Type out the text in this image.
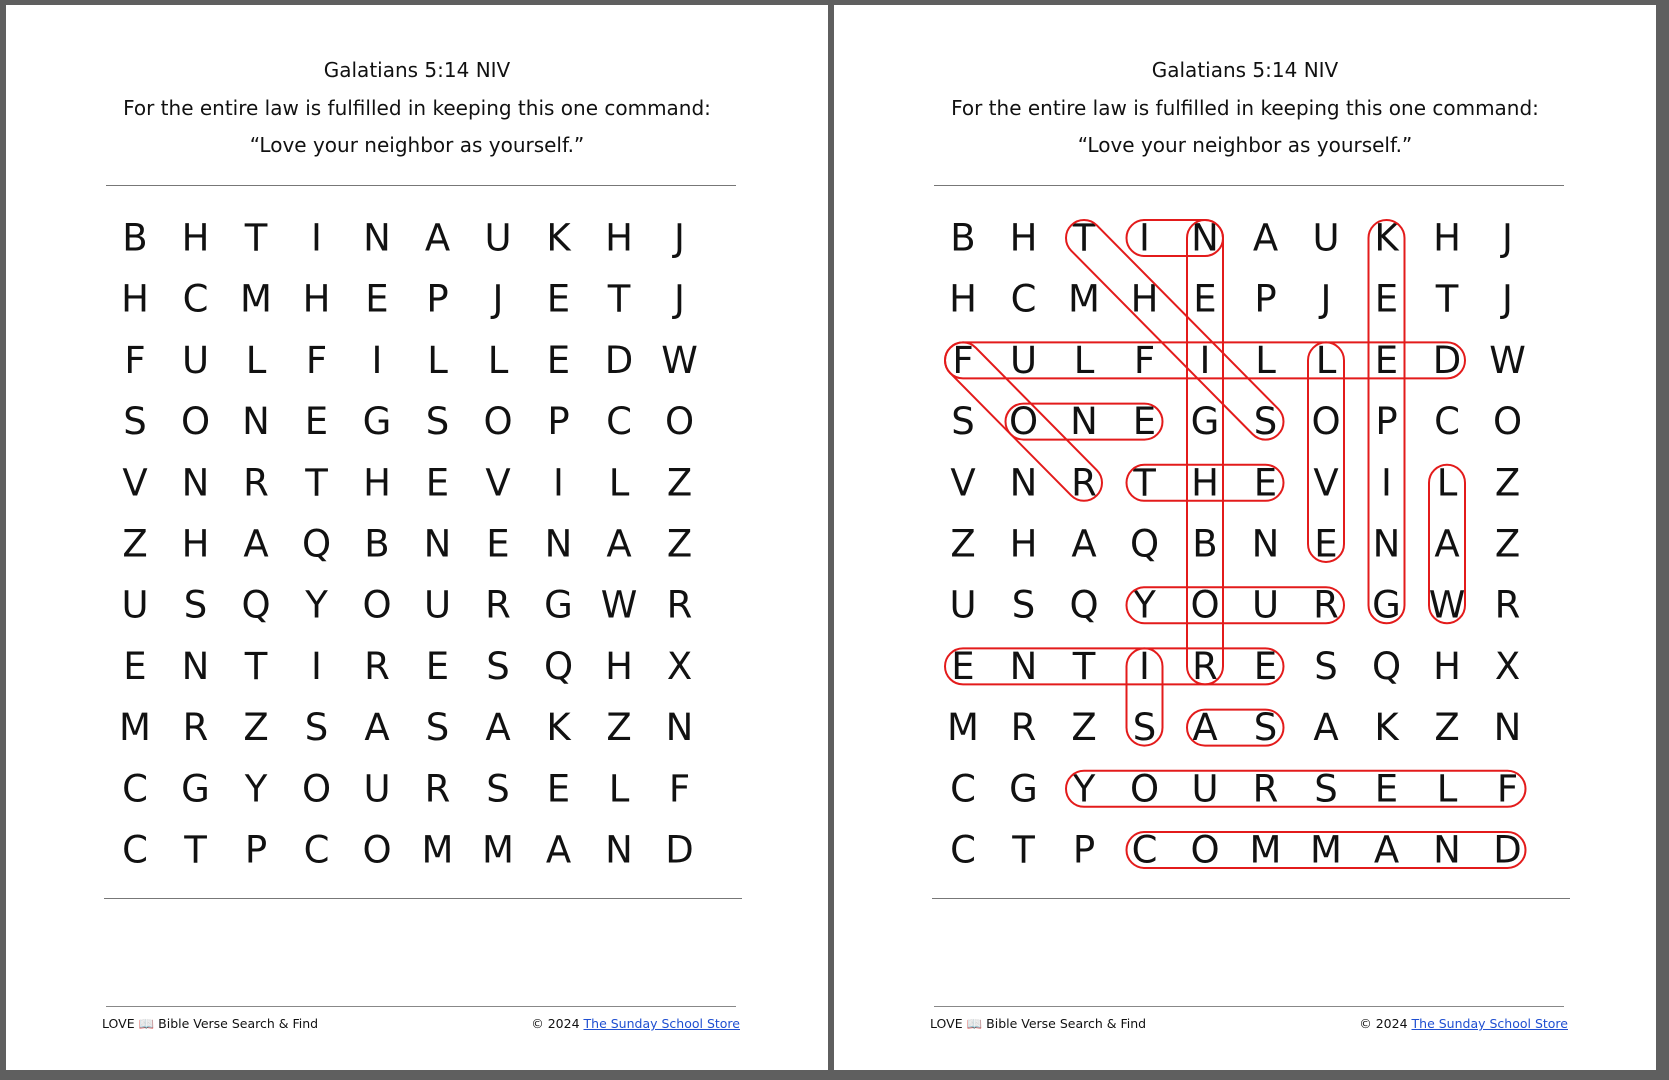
Galatians 5:14 NIV
For the entire law is fulfilled in keeping this one command:
“Love your neighbor as yourself.”
B H T I N A U K H J
H C M H E P J E T J
F U L F I L L E D W
S O N E G S O P C O
V N R T H E V I L Z
Z H A Q B N E N A Z
U S Q Y O U R G W R
E N T I R E S Q H X
M R Z S A S A K Z N
C G Y O U R S E L F
C T P C O M M A N D
LOVE 📖 Bible Verse Search & Find	© 2024 The Sunday School Store
Galatians 5:14 NIV
For the entire law is fulfilled in keeping this one command:
“Love your neighbor as yourself.”
B H T I N A U K H J
H C M H E P J E T J
F U L F I L L E D W
S O N E G S O P C O
V N R T H E V I L Z
Z H A Q B N E N A Z
U S Q Y O U R G W R
E N T I R E S Q H X
M R Z S A S A K Z N
C G Y O U R S E L F
C T P C O M M A N D
LOVE 📖 Bible Verse Search & Find	© 2024 The Sunday School Store
